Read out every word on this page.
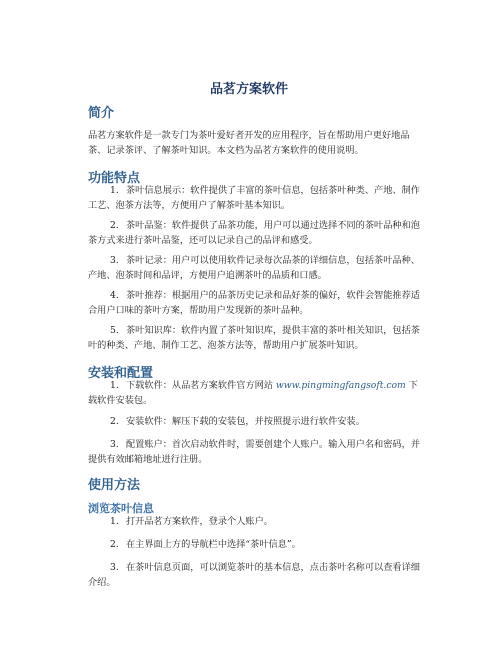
品茗方案软件
简介
品茗方案软件是一款专门为茶叶爱好者开发的应用程序，旨在帮助用户更好地品茶、记录茶评、了解茶叶知识。本文档为品茗方案软件的使用说明。
功能特点
1. 茶叶信息展示：软件提供了丰富的茶叶信息，包括茶叶种类、产地、制作工艺、泡茶方法等，方便用户了解茶叶基本知识。
2. 茶叶品鉴：软件提供了品茶功能，用户可以通过选择不同的茶叶品种和泡茶方式来进行茶叶品鉴，还可以记录自己的品评和感受。
3. 茶叶记录：用户可以使用软件记录每次品茶的详细信息，包括茶叶品种、产地、泡茶时间和品评，方便用户追溯茶叶的品质和口感。
4. 茶叶推荐：根据用户的品茶历史记录和品好茶的偏好，软件会智能推荐适合用户口味的茶叶方案，帮助用户发现新的茶叶品种。
5. 茶叶知识库：软件内置了茶叶知识库，提供丰富的茶叶相关知识，包括茶叶的种类、产地、制作工艺、泡茶方法等，帮助用户扩展茶叶知识。
安装和配置
1. 下载软件：从品茗方案软件官方网站 www.pingmingfangsoft.com 下载软件安装包。
2. 安装软件：解压下载的安装包，并按照提示进行软件安装。
3. 配置账户：首次启动软件时，需要创建个人账户。输入用户名和密码，并提供有效邮箱地址进行注册。
使用方法
浏览茶叶信息
1. 打开品茗方案软件，登录个人账户。
2. 在主界面上方的导航栏中选择“茶叶信息”。
3. 在茶叶信息页面，可以浏览茶叶的基本信息，点击茶叶名称可以查看详细介绍。
